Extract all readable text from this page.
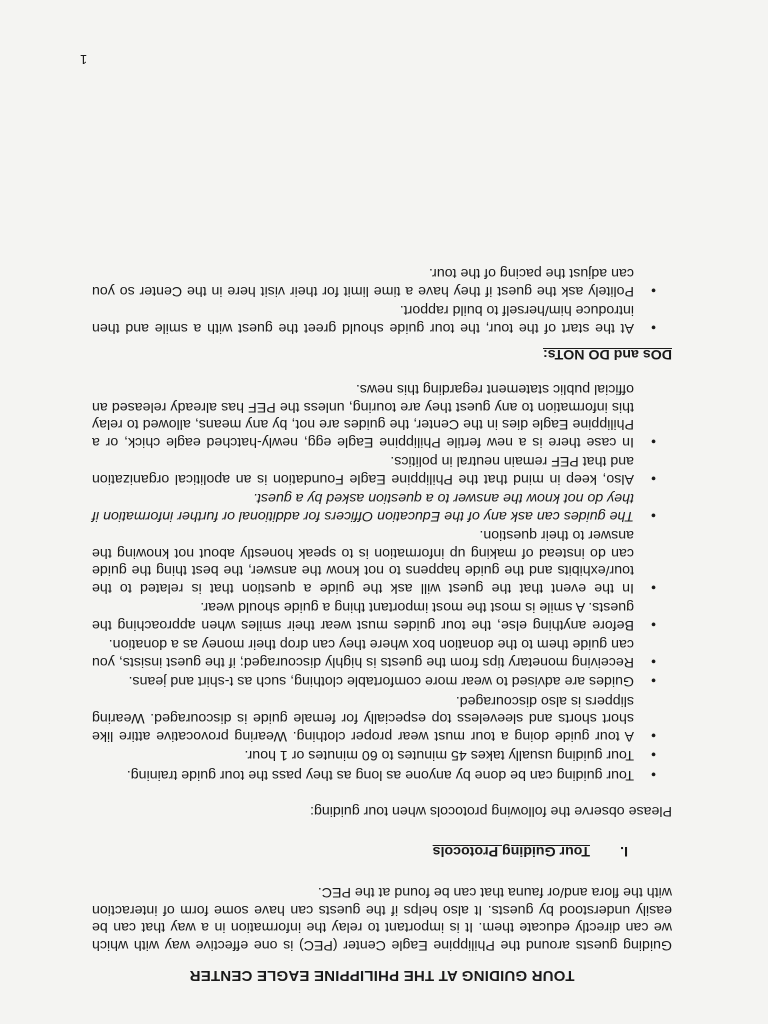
TOUR GUIDING AT THE PHILIPPINE EAGLE CENTER

Guiding guests around the Philippine Eagle Center (PEC) is one effective way with which we can directly educate them. It is important to relay the information in a way that can be easily understood by guests. It also helps if the guests can have some form of interaction with the flora and/or fauna that can be found at the PEC.

I.
Tour Guiding Protocols

Please observe the following protocols when tour guiding:

• Tour guiding can be done by anyone as long as they pass the tour guide training.
• Tour guiding usually takes 45 minutes to 60 minutes or 1 hour.
• A tour guide doing a tour must wear proper clothing. Wearing provocative attire like short shorts and sleeveless top especially for female guide is discouraged. Wearing slippers is also discouraged.
• Guides are advised to wear more comfortable clothing, such as t-shirt and jeans.
• Receiving monetary tips from the guests is highly discouraged; if the guest insists, you can guide them to the donation box where they can drop their money as a donation.
• Before anything else, the tour guides must wear their smiles when approaching the guests. A smile is most the most important thing a guide should wear.
• In the event that the guest will ask the guide a question that is related to the tour/exhibits and the guide happens to not know the answer, the best thing the guide can do instead of making up information is to speak honestly about not knowing the answer to their question.
• The guides can ask any of the Education Officers for additional or further information if they do not know the answer to a question asked by a guest.
• Also, keep in mind that the Philippine Eagle Foundation is an apolitical organization and that PEF remain neutral in politics.
• In case there is a new fertile Philippine Eagle egg, newly-hatched eagle chick, or a Philippine Eagle dies in the Center, the guides are not, by any means, allowed to relay this information to any guest they are touring, unless the PEF has already released an official public statement regarding this news.
DOs and DO NOTs:
• At the start of the tour, the tour guide should greet the guest with a smile and then introduce him/herself to build rapport.
• Politely ask the guest if they have a time limit for their visit here in the Center so you can adjust the pacing of the tour.
1
